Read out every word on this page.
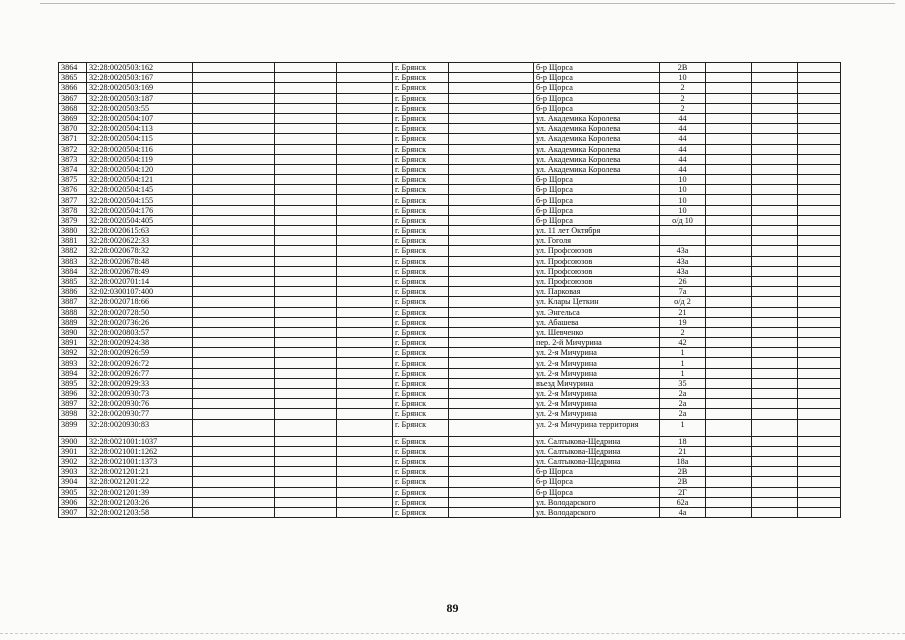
3864	32:28:0020503:162				г. Брянск		б-р Щорса	2В			
3865	32:28:0020503:167				г. Брянск		б-р Щорса	10			
3866	32:28:0020503:169				г. Брянск		б-р Щорса	2			
3867	32:28:0020503:187				г. Брянск		б-р Щорса	2			
3868	32:28:0020503:55				г. Брянск		б-р Щорса	2			
3869	32:28:0020504:107				г. Брянск		ул. Академика Королева	44			
3870	32:28:0020504:113				г. Брянск		ул. Академика Королева	44			
3871	32:28:0020504:115				г. Брянск		ул. Академика Королева	44			
3872	32:28:0020504:116				г. Брянск		ул. Академика Королева	44			
3873	32:28:0020504:119				г. Брянск		ул. Академика Королева	44			
3874	32:28:0020504:120				г. Брянск		ул. Академика Королева	44			
3875	32:28:0020504:121				г. Брянск		б-р Щорса	10			
3876	32:28:0020504:145				г. Брянск		б-р Щорса	10			
3877	32:28:0020504:155				г. Брянск		б-р Щорса	10			
3878	32:28:0020504:176				г. Брянск		б-р Щорса	10			
3879	32:28:0020504:405				г. Брянск		б-р Щорса	о/д 10			
3880	32:28:0020615:63				г. Брянск		ул. 11 лет Октября				
3881	32:28:0020622:33				г. Брянск		ул. Гоголя				
3882	32:28:0020678:32				г. Брянск		ул. Профсоюзов	43а			
3883	32:28:0020678:48				г. Брянск		ул. Профсоюзов	43а			
3884	32:28:0020678:49				г. Брянск		ул. Профсоюзов	43а			
3885	32:28:0020701:14				г. Брянск		ул. Профсоюзов	26			
3886	32:02:0300107:400				г. Брянск		ул. Парковая	7а			
3887	32:28:0020718:66				г. Брянск		ул. Клары Цеткин	о/д 2			
3888	32:28:0020728:50				г. Брянск		ул. Энгельса	21			
3889	32:28:0020736:26				г. Брянск		ул. Абашева	19			
3890	32:28:0020803:57				г. Брянск		ул. Шевченко	2			
3891	32:28:0020924:38				г. Брянск		пер. 2-й Мичурина	42			
3892	32:28:0020926:59				г. Брянск		ул. 2-я Мичурина	1			
3893	32:28:0020926:72				г. Брянск		ул. 2-я Мичурина	1			
3894	32:28:0020926:77				г. Брянск		ул. 2-я Мичурина	1			
3895	32:28:0020929:33				г. Брянск		въезд Мичурина	35			
3896	32:28:0020930:73				г. Брянск		ул. 2-я Мичурина	2а			
3897	32:28:0020930:76				г. Брянск		ул. 2-я Мичурина	2а			
3898	32:28:0020930:77				г. Брянск		ул. 2-я Мичурина	2а			
3899	32:28:0020930:83				г. Брянск		ул. 2-я Мичурина территория	1			
3900	32:28:0021001:1037				г. Брянск		ул. Салтыкова-Щедрина	18			
3901	32:28:0021001:1262				г. Брянск		ул. Салтыкова-Щедрина	21			
3902	32:28:0021001:1373				г. Брянск		ул. Салтыкова-Щедрина	18а			
3903	32:28:0021201:21				г. Брянск		б-р Щорса	2В			
3904	32:28:0021201:22				г. Брянск		б-р Щорса	2В			
3905	32:28:0021201:39				г. Брянск		б-р Щорса	2Г			
3906	32:28:0021203:26				г. Брянск		ул. Володарского	62а			
3907	32:28:0021203:58				г. Брянск		ул. Володарского	4а			
89
